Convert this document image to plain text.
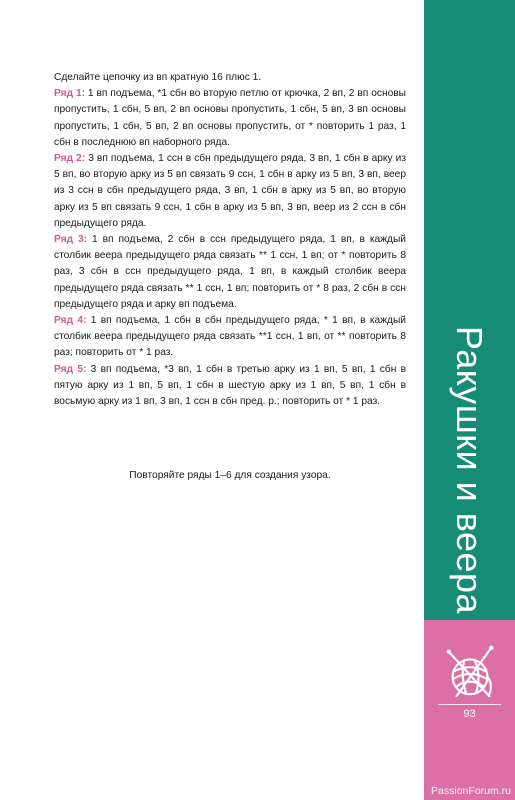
Сделайте цепочку из вп кратную 16 плюс 1.

Ряд 1: 1 вп подъема, *1 сбн во вторую петлю от крючка, 2 вп, 2 вп основы пропустить, 1 сбн, 5 вп, 2 вп основы пропустить, 1 сбн, 5 вп, 3 вп основы пропустить, 1 сбн, 5 вп, 2 вп основы пропустить, от * повторить 1 раз, 1 сбн в последнюю вп наборного ряда.

Ряд 2: 3 вп подъема, 1 ссн в сбн предыдущего ряда, 3 вп, 1 сбн в арку из 5 вп, во вторую арку из 5 вп связать 9 ссн, 1 сбн в арку из 5 вп, 3 вп, веер из 3 ссн в сбн предыдущего ряда, 3 вп, 1 сбн в арку из 5 вп, во вторую арку из 5 вп связать 9 ссн, 1 сбн в арку из 5 вп, 3 вп, веер из 2 ссн в сбн предыдущего ряда.

Ряд 3: 1 вп подъема, 2 сбн в ссн предыдущего ряда, 1 вп, в каждый столбик веера предыдущего ряда связать ** 1 ссн, 1 вп; от * повторить 8 раз, 3 сбн в ссн предыдущего ряда, 1 вп, в каждый столбик веера предыдущего ряда связать ** 1 ссн, 1 вп; повторить от * 8 раз, 2 сбн в ссн предыдущего ряда и арку вп подъема.

Ряд 4: 1 вп подъема, 1 сбн в сбн предыдущего ряда, * 1 вп, в каждый столбик веера предыдущего ряда связать **1 ссн, 1 вп, от ** повторить 8 раз; повторить от * 1 раз.

Ряд 5: 3 вп подъема, *3 вп, 1 сбн в третью арку из 1 вп, 5 вп, 1 сбн в пятую арку из 1 вп, 5 вп, 1 сбн в шестую арку из 1 вп, 5 вп, 1 сбн в восьмую арку из 1 вп, 3 вп, 1 ссн в сбн пред. р.; повторить от * 1 раз.

Повторяйте ряды 1–6 для создания узора.	Ракушки и веера
93
PassionForum.ru
